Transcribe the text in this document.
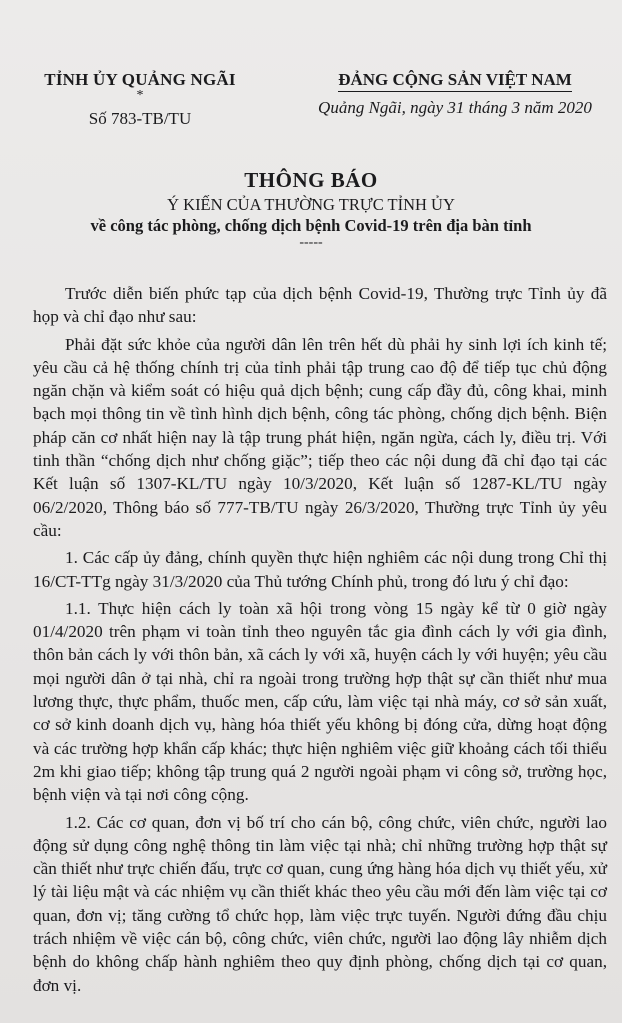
TỈNH ỦY QUẢNG NGÃI
*
Số 783-TB/TU
ĐẢNG CỘNG SẢN VIỆT NAM
Quảng Ngãi, ngày 31 tháng 3 năm 2020
THÔNG BÁO
Ý KIẾN CỦA THƯỜNG TRỰC TỈNH ỦY
về công tác phòng, chống dịch bệnh Covid-19 trên địa bàn tỉnh
-----

Trước diễn biến phức tạp của dịch bệnh Covid-19, Thường trực Tỉnh ủy đã họp và chỉ đạo như sau:

Phải đặt sức khỏe của người dân lên trên hết dù phải hy sinh lợi ích kinh tế; yêu cầu cả hệ thống chính trị của tỉnh phải tập trung cao độ để tiếp tục chủ động ngăn chặn và kiểm soát có hiệu quả dịch bệnh; cung cấp đầy đủ, công khai, minh bạch mọi thông tin về tình hình dịch bệnh, công tác phòng, chống dịch bệnh. Biện pháp căn cơ nhất hiện nay là tập trung phát hiện, ngăn ngừa, cách ly, điều trị. Với tinh thần “chống dịch như chống giặc”; tiếp theo các nội dung đã chỉ đạo tại các Kết luận số 1307-KL/TU ngày 10/3/2020, Kết luận số 1287-KL/TU ngày 06/2/2020, Thông báo số 777-TB/TU ngày 26/3/2020, Thường trực Tỉnh ủy yêu cầu:

1. Các cấp ủy đảng, chính quyền thực hiện nghiêm các nội dung trong Chỉ thị 16/CT-TTg ngày 31/3/2020 của Thủ tướng Chính phủ, trong đó lưu ý chỉ đạo:

1.1. Thực hiện cách ly toàn xã hội trong vòng 15 ngày kể từ 0 giờ ngày 01/4/2020 trên phạm vi toàn tỉnh theo nguyên tắc gia đình cách ly với gia đình, thôn bản cách ly với thôn bản, xã cách ly với xã, huyện cách ly với huyện; yêu cầu mọi người dân ở tại nhà, chỉ ra ngoài trong trường hợp thật sự cần thiết như mua lương thực, thực phẩm, thuốc men, cấp cứu, làm việc tại nhà máy, cơ sở sản xuất, cơ sở kinh doanh dịch vụ, hàng hóa thiết yếu không bị đóng cửa, dừng hoạt động và các trường hợp khẩn cấp khác; thực hiện nghiêm việc giữ khoảng cách tối thiểu 2m khi giao tiếp; không tập trung quá 2 người ngoài phạm vi công sở, trường học, bệnh viện và tại nơi công cộng.

1.2. Các cơ quan, đơn vị bố trí cho cán bộ, công chức, viên chức, người lao động sử dụng công nghệ thông tin làm việc tại nhà; chỉ những trường hợp thật sự cần thiết như trực chiến đấu, trực cơ quan, cung ứng hàng hóa dịch vụ thiết yếu, xử lý tài liệu mật và các nhiệm vụ cần thiết khác theo yêu cầu mới đến làm việc tại cơ quan, đơn vị; tăng cường tổ chức họp, làm việc trực tuyến. Người đứng đầu chịu trách nhiệm về việc cán bộ, công chức, viên chức, người lao động lây nhiễm dịch bệnh do không chấp hành nghiêm theo quy định phòng, chống dịch tại cơ quan, đơn vị.
